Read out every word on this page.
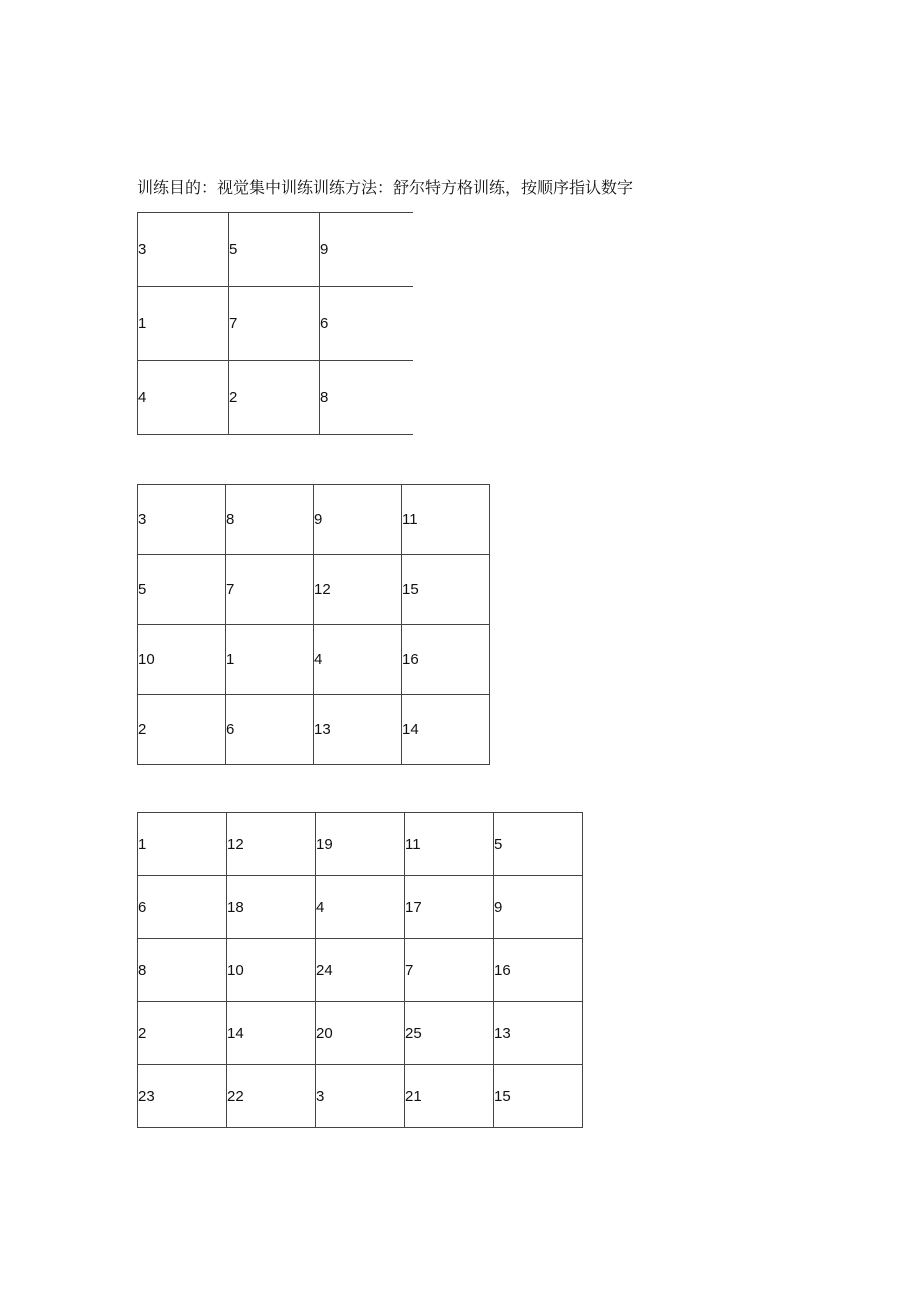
训练目的：视觉集中训练训练方法：舒尔特方格训练，按顺序指认数字
3	5	9
1	7	6
4	2	8
3	8	9	11
5	7	12	15
10	1	4	16
2	6	13	14
1	12	19	11	5
6	18	4	17	9
8	10	24	7	16
2	14	20	25	13
23	22	3	21	15
